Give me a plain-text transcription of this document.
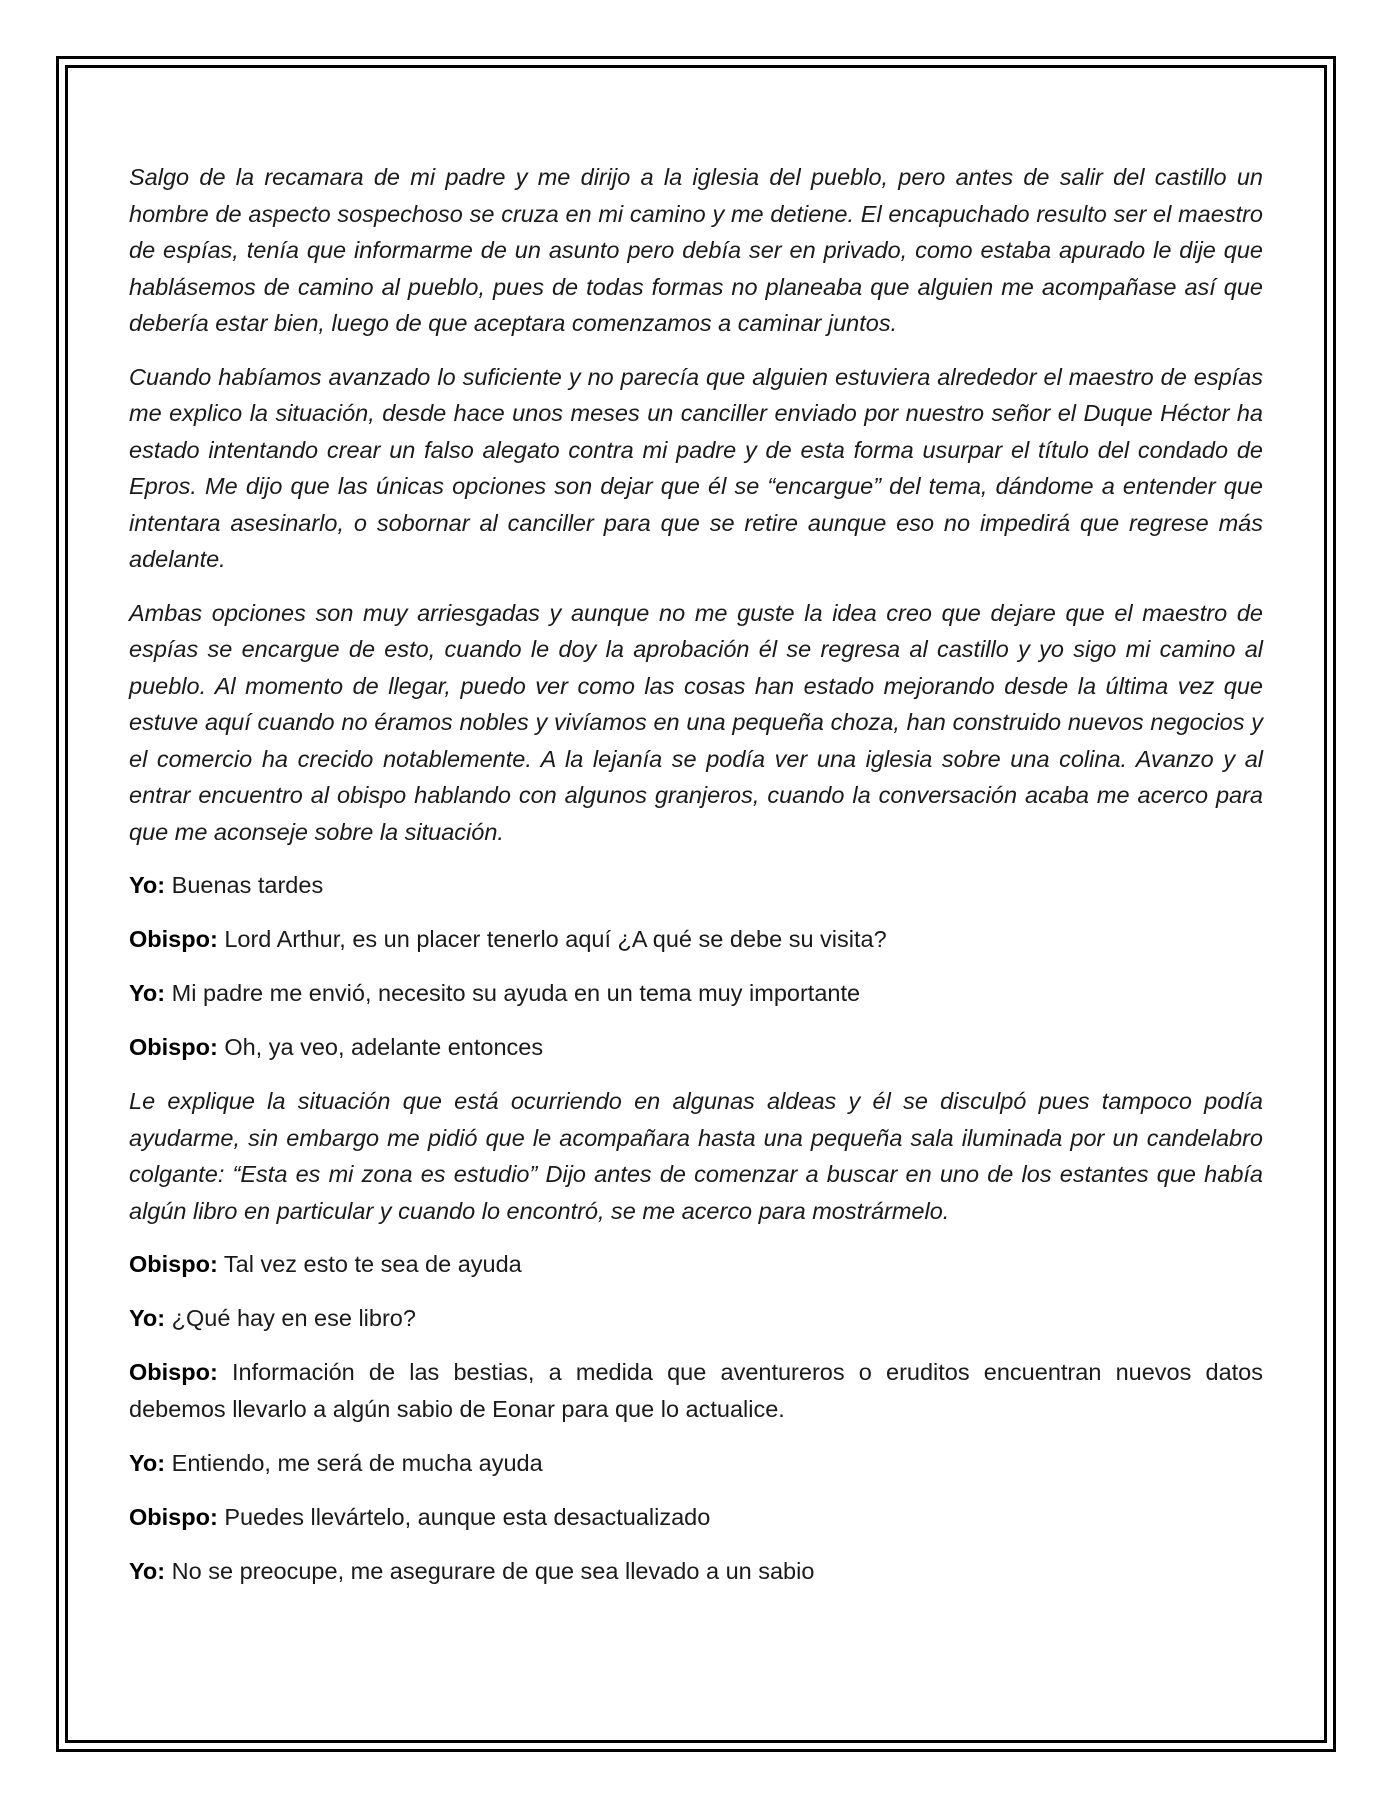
Salgo de la recamara de mi padre y me dirijo a la iglesia del pueblo, pero antes de salir del castillo un hombre de aspecto sospechoso se cruza en mi camino y me detiene. El encapuchado resulto ser el maestro de espías, tenía que informarme de un asunto pero debía ser en privado, como estaba apurado le dije que hablásemos de camino al pueblo, pues de todas formas no planeaba que alguien me acompañase así que debería estar bien, luego de que aceptara comenzamos a caminar juntos.

Cuando habíamos avanzado lo suficiente y no parecía que alguien estuviera alrededor el maestro de espías me explico la situación, desde hace unos meses un canciller enviado por nuestro señor el Duque Héctor ha estado intentando crear un falso alegato contra mi padre y de esta forma usurpar el título del condado de Epros. Me dijo que las únicas opciones son dejar que él se “encargue” del tema, dándome a entender que intentara asesinarlo, o sobornar al canciller para que se retire aunque eso no impedirá que regrese más adelante.

Ambas opciones son muy arriesgadas y aunque no me guste la idea creo que dejare que el maestro de espías se encargue de esto, cuando le doy la aprobación él se regresa al castillo y yo sigo mi camino al pueblo. Al momento de llegar, puedo ver como las cosas han estado mejorando desde la última vez que estuve aquí cuando no éramos nobles y vivíamos en una pequeña choza, han construido nuevos negocios y el comercio ha crecido notablemente. A la lejanía se podía ver una iglesia sobre una colina. Avanzo y al entrar encuentro al obispo hablando con algunos granjeros, cuando la conversación acaba me acerco para que me aconseje sobre la situación.

Yo: Buenas tardes

Obispo: Lord Arthur, es un placer tenerlo aquí ¿A qué se debe su visita?

Yo: Mi padre me envió, necesito su ayuda en un tema muy importante

Obispo: Oh, ya veo, adelante entonces

Le explique la situación que está ocurriendo en algunas aldeas y él se disculpó pues tampoco podía ayudarme, sin embargo me pidió que le acompañara hasta una pequeña sala iluminada por un candelabro colgante: “Esta es mi zona es estudio” Dijo antes de comenzar a buscar en uno de los estantes que había algún libro en particular y cuando lo encontró, se me acerco para mostrármelo.

Obispo: Tal vez esto te sea de ayuda

Yo: ¿Qué hay en ese libro?

Obispo: Información de las bestias, a medida que aventureros o eruditos encuentran nuevos datos debemos llevarlo a algún sabio de Eonar para que lo actualice.

Yo: Entiendo, me será de mucha ayuda

Obispo: Puedes llevártelo, aunque esta desactualizado

Yo: No se preocupe, me asegurare de que sea llevado a un sabio
